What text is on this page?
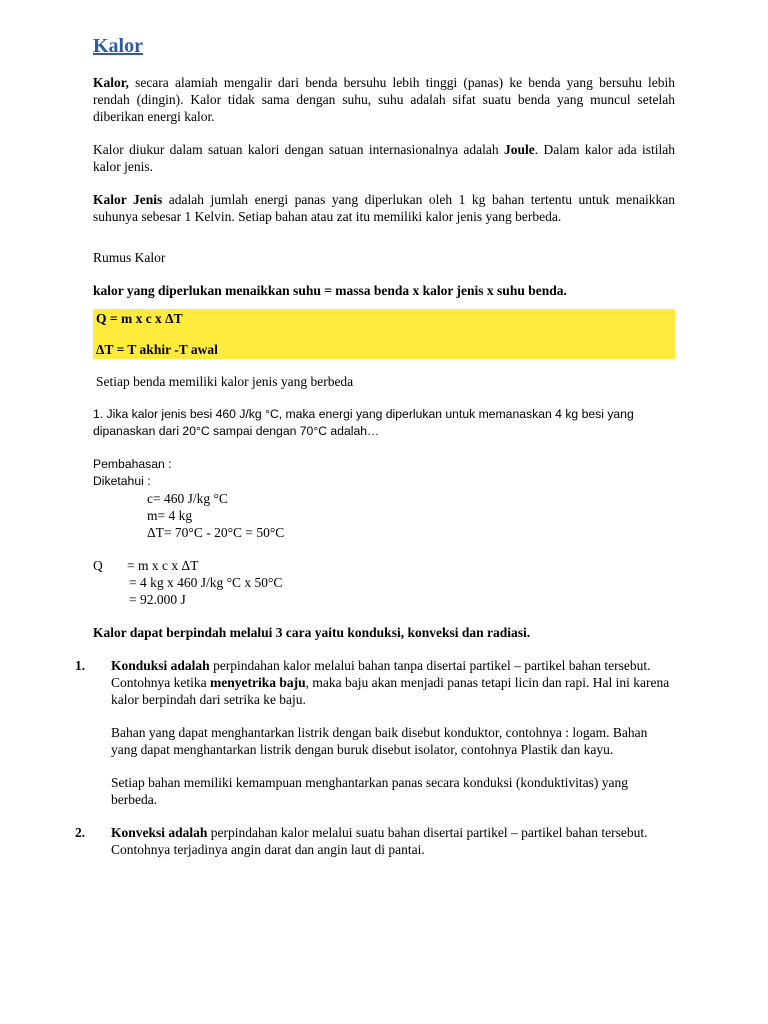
Kalor

Kalor, secara alamiah mengalir dari benda bersuhu lebih tinggi (panas) ke benda yang bersuhu lebih rendah (dingin). Kalor tidak sama dengan suhu, suhu adalah sifat suatu benda yang muncul setelah diberikan energi kalor.

Kalor diukur dalam satuan kalori dengan satuan internasionalnya adalah Joule. Dalam kalor ada istilah kalor jenis.

Kalor Jenis adalah jumlah energi panas yang diperlukan oleh 1 kg bahan tertentu untuk menaikkan suhunya sebesar 1 Kelvin. Setiap bahan atau zat itu memiliki kalor jenis yang berbeda.

Rumus Kalor

kalor yang diperlukan menaikkan suhu = massa benda x kalor jenis x suhu benda.

Q = m x c x ΔT
ΔT = T akhir -T awal

Setiap benda memiliki kalor jenis yang berbeda

1. Jika kalor jenis besi 460 J/kg °C, maka energi yang diperlukan untuk memanaskan 4 kg besi yang dipanaskan dari 20°C sampai dengan 70°C adalah…

Pembahasan :

Diketahui :

c= 460 J/kg °C
m= 4 kg
ΔT= 70°C - 20°C = 50°C
Q	= m x c x ΔT
= 4 kg x 460 J/kg °C x 50°C
= 92.000 J

Kalor dapat berpindah melalui 3 cara yaitu konduksi, konveksi dan radiasi.

1.	Konduksi adalah perpindahan kalor melalui bahan tanpa disertai partikel – partikel bahan tersebut. Contohnya ketika menyetrika baju, maka baju akan menjadi panas tetapi licin dan rapi. Hal ini karena kalor berpindah dari setrika ke baju.

Bahan yang dapat menghantarkan listrik dengan baik disebut konduktor, contohnya : logam. Bahan yang dapat menghantarkan listrik dengan buruk disebut isolator, contohnya Plastik dan kayu.

Setiap bahan memiliki kemampuan menghantarkan panas secara konduksi (konduktivitas) yang berbeda.

2.	Konveksi adalah perpindahan kalor melalui suatu bahan disertai partikel – partikel bahan tersebut. Contohnya terjadinya angin darat dan angin laut di pantai.
